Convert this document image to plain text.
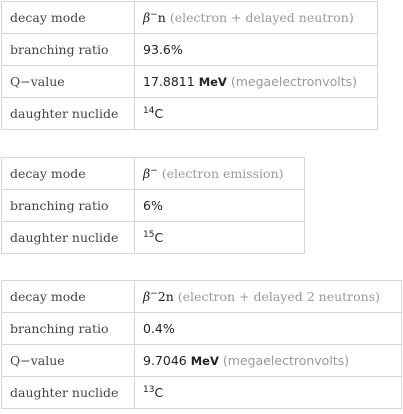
decay mode	β−n (electron + delayed neutron)
branching ratio	93.6%
Q−value	17.8811 MeV (megaelectronvolts)
daughter nuclide	$^{14}$C
decay mode	β− (electron emission)
branching ratio	6%
daughter nuclide	$^{15}$C
decay mode	β−2n (electron + delayed 2 neutrons)
branching ratio	0.4%
Q−value	9.7046 MeV (megaelectronvolts)
daughter nuclide	$^{13}$C
